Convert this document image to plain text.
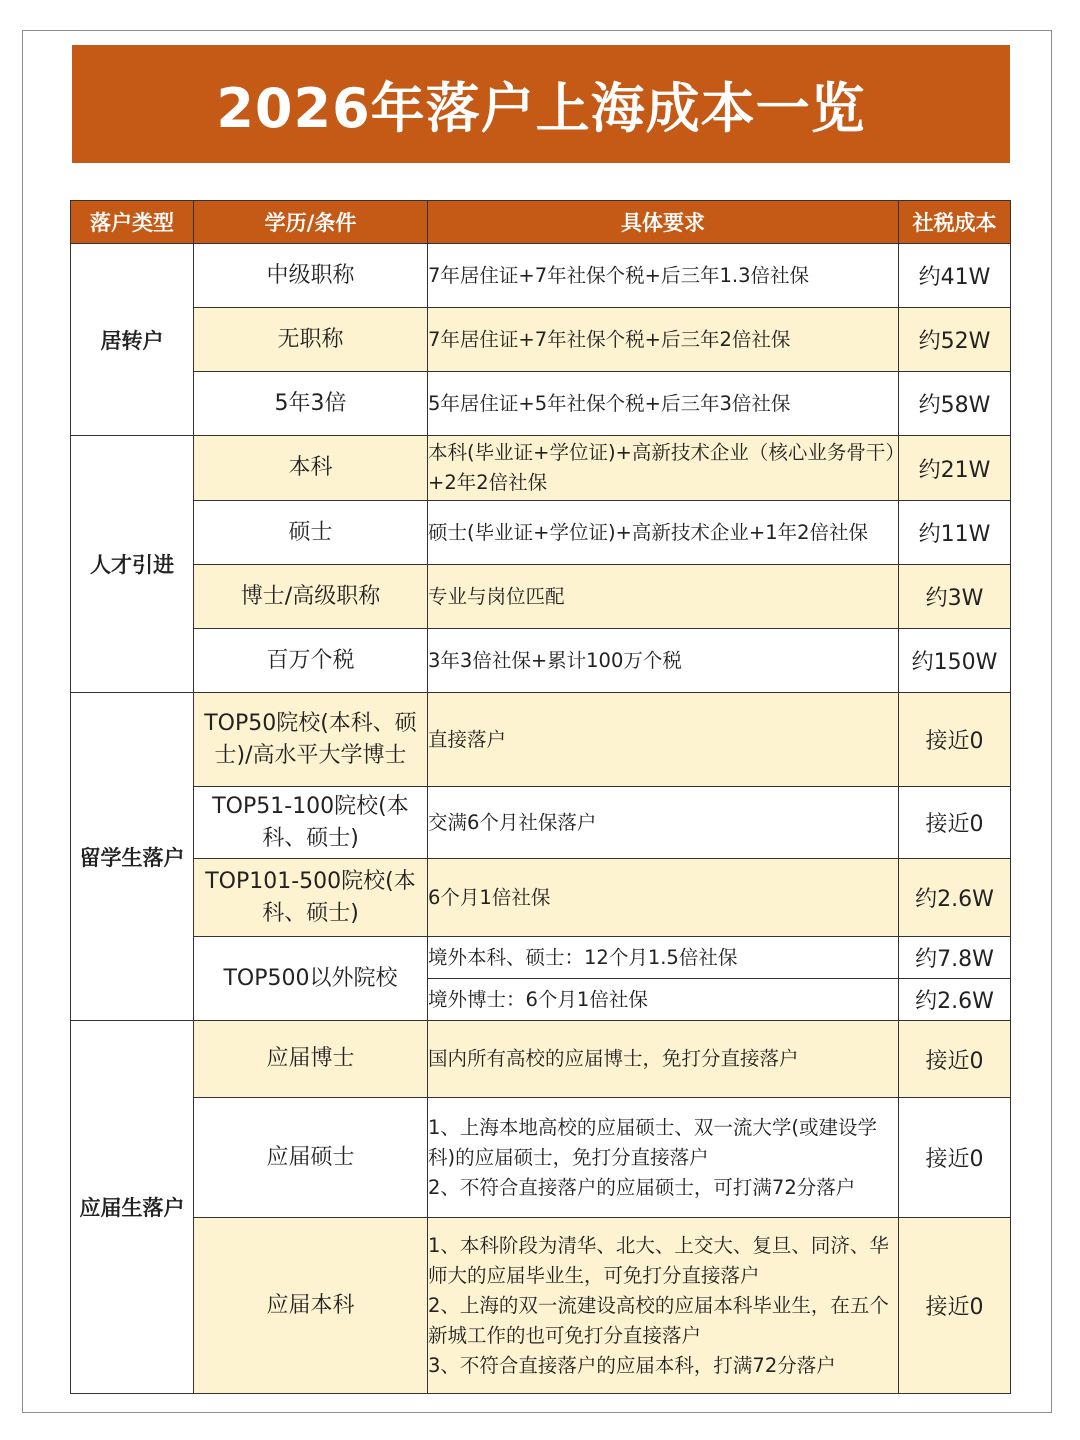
2026年落户上海成本一览
落户类型	学历/条件	具体要求	社税成本
居转户	中级职称	7年居住证+7年社保个税+后三年1.3倍社保	约41W
	无职称	7年居住证+7年社保个税+后三年2倍社保	约52W
	5年3倍	5年居住证+5年社保个税+后三年3倍社保	约58W
人才引进	本科	本科(毕业证+学位证)+高新技术企业（核心业务骨干）+2年2倍社保	约21W
	硕士	硕士(毕业证+学位证)+高新技术企业+1年2倍社保	约11W
	博士/高级职称	专业与岗位匹配	约3W
	百万个税	3年3倍社保+累计100万个税	约150W
留学生落户	TOP50院校(本科、硕士)/高水平大学博士	直接落户	接近0
	TOP51-100院校(本科、硕士)	交满6个月社保落户	接近0
	TOP101-500院校(本科、硕士)	6个月1倍社保	约2.6W
	TOP500以外院校	境外本科、硕士：12个月1.5倍社保	约7.8W
		境外博士：6个月1倍社保	约2.6W
应届生落户	应届博士	国内所有高校的应届博士，免打分直接落户	接近0
	应届硕士	1、上海本地高校的应届硕士、双一流大学(或建设学科)的应届硕士，免打分直接落户
2、不符合直接落户的应届硕士，可打满72分落户	接近0
	应届本科	1、本科阶段为清华、北大、上交大、复旦、同济、华师大的应届毕业生，可免打分直接落户
2、上海的双一流建设高校的应届本科毕业生，在五个新城工作的也可免打分直接落户
3、不符合直接落户的应届本科，打满72分落户	接近0
